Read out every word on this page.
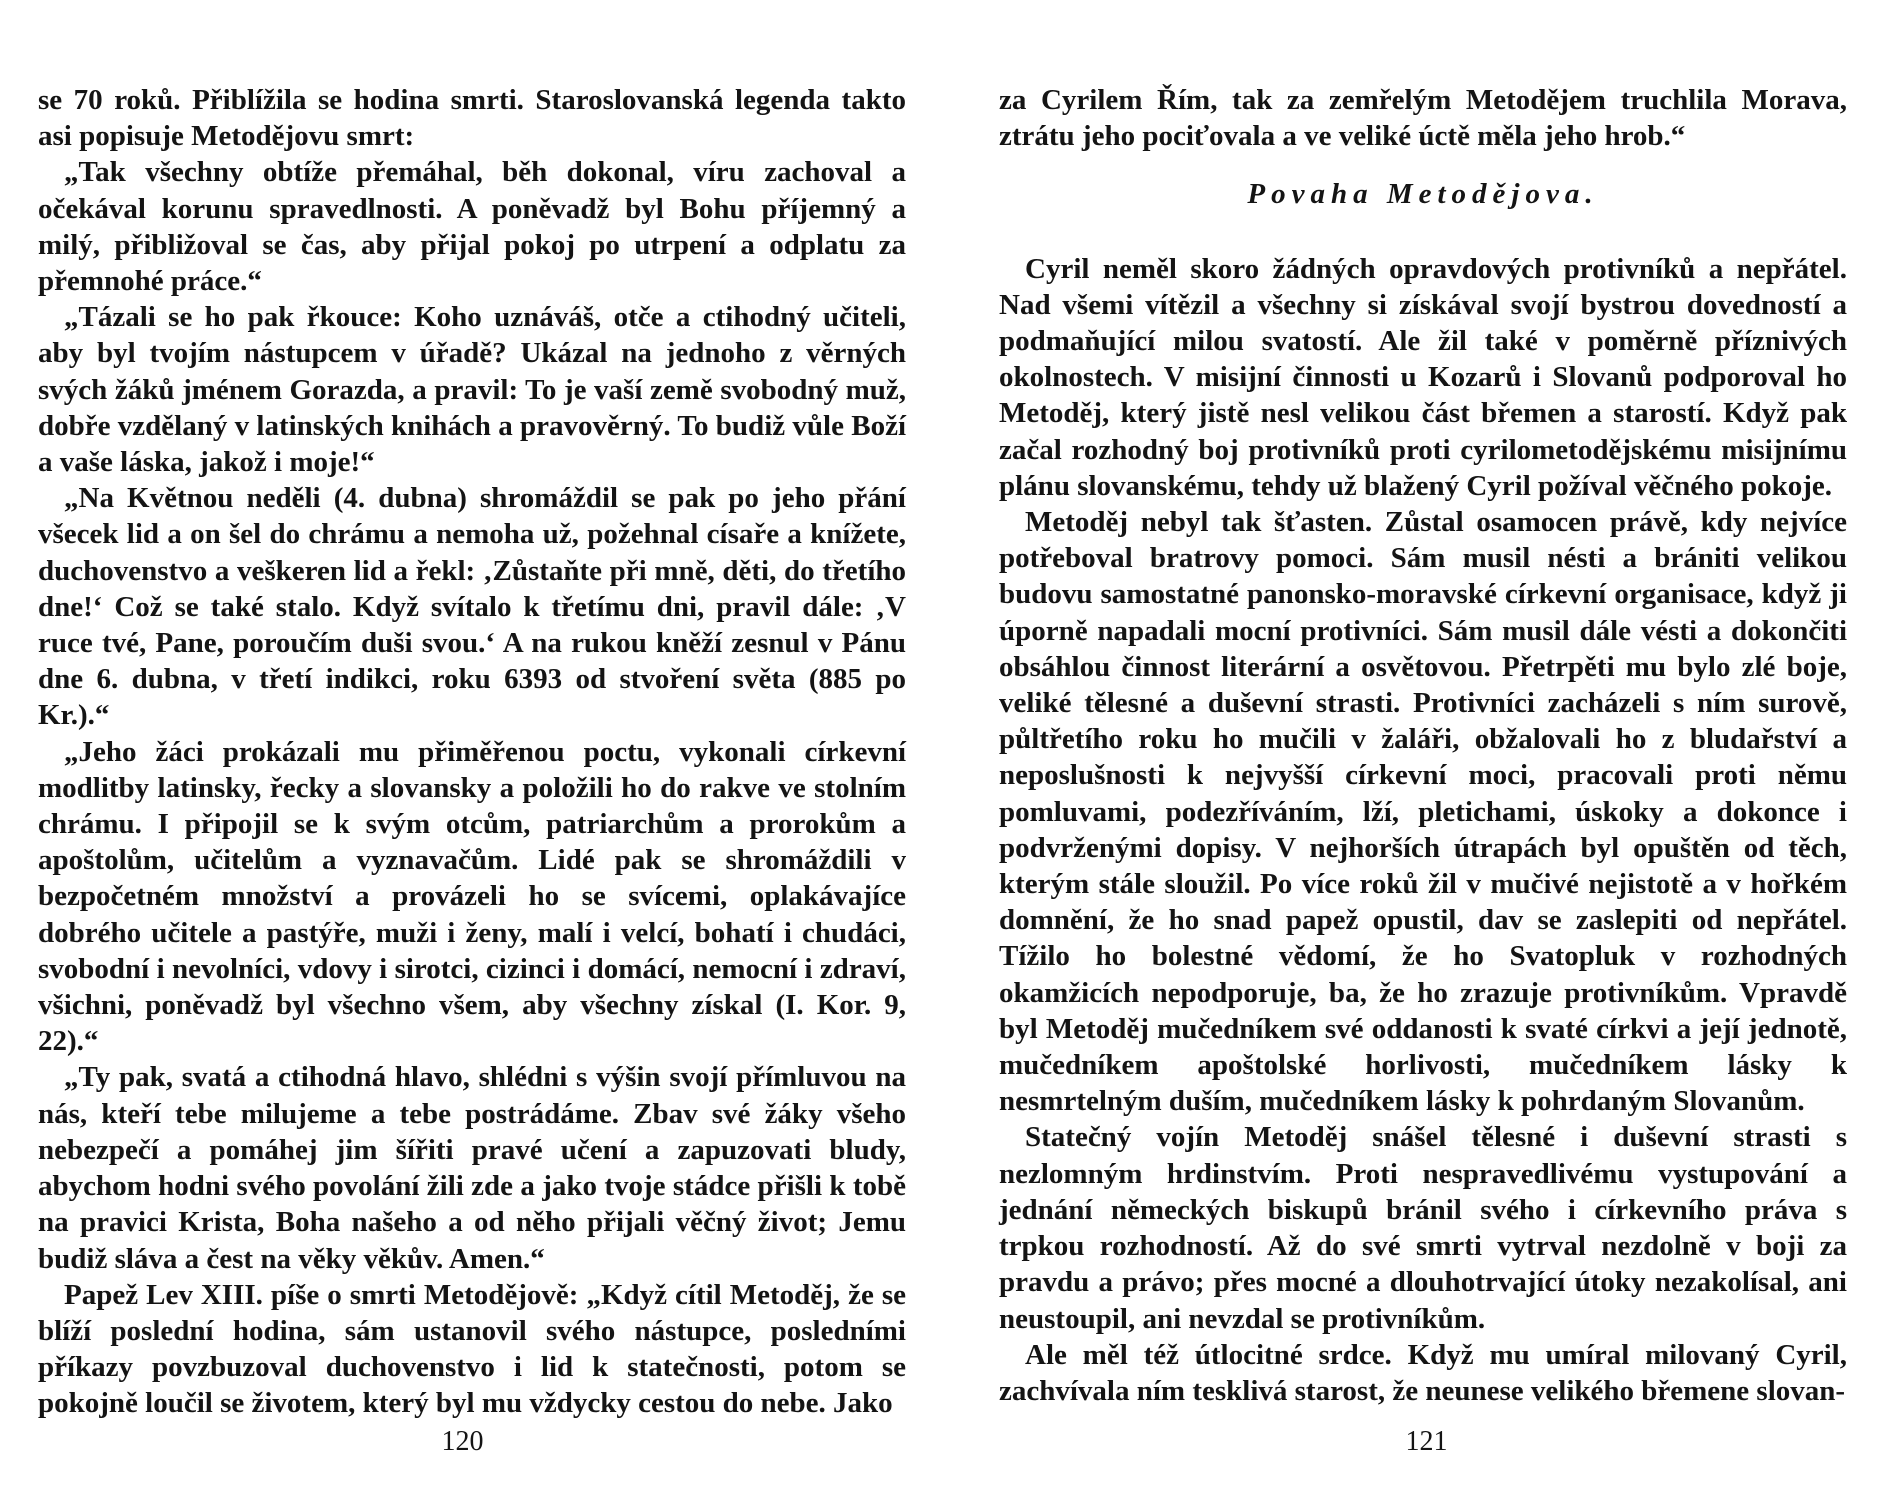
se 70 roků. Přiblížila se hodina smrti. Staroslovanská legenda takto asi popisuje Metodějovu smrt:

„Tak všechny obtíže přemáhal, běh dokonal, víru zachoval a očekával korunu spravedlnosti. A poněvadž byl Bohu příjemný a milý, přibližoval se čas, aby přijal pokoj po utrpení a odplatu za přemnohé práce.“

„Tázali se ho pak řkouce: Koho uznáváš, otče a ctihodný učiteli, aby byl tvojím nástupcem v úřadě? Ukázal na jednoho z věrných svých žáků jménem Gorazda, a pravil: To je vaší země svobodný muž, dobře vzdělaný v latinských knihách a pravověrný. To budiž vůle Boží a vaše láska, jakož i moje!“

„Na Květnou neděli (4. dubna) shromáždil se pak po jeho přání všecek lid a on šel do chrámu a nemoha už, požehnal císaře a knížete, duchovenstvo a veškeren lid a řekl: ‚Zůstaňte při mně, děti, do třetího dne!‘ Což se také stalo. Když svítalo k třetímu dni, pravil dále: ‚V ruce tvé, Pane, poroučím duši svou.‘ A na rukou kněží zesnul v Pánu dne 6. dubna, v třetí indikci, roku 6393 od stvoření světa (885 po Kr.).“

„Jeho žáci prokázali mu přiměřenou poctu, vykonali církevní modlitby latinsky, řecky a slovansky a položili ho do rakve ve stolním chrámu. I připojil se k svým otcům, patriarchům a prorokům a apoštolům, učitelům a vyznavačům. Lidé pak se shromáždili v bezpočetném množství a provázeli ho se svícemi, oplakávajíce dobrého učitele a pastýře, muži i ženy, malí i velcí, bohatí i chudáci, svobodní i nevolníci, vdovy i sirotci, cizinci i domácí, nemocní i zdraví, všichni, poněvadž byl všechno všem, aby všechny získal (I. Kor. 9, 22).“

„Ty pak, svatá a ctihodná hlavo, shlédni s výšin svojí přímluvou na nás, kteří tebe milujeme a tebe postrádáme. Zbav své žáky všeho nebezpečí a pomáhej jim šířiti pravé učení a zapuzovati bludy, abychom hodni svého povolání žili zde a jako tvoje stádce přišli k tobě na pravici Krista, Boha našeho a od něho přijali věčný život; Jemu budiž sláva a čest na věky věkův. Amen.“

Papež Lev XIII. píše o smrti Metodějově: „Když cítil Metoděj, že se blíží poslední hodina, sám ustanovil svého nástupce, posledními příkazy povzbuzoval duchovenstvo i lid k statečnosti, potom se pokojně loučil se životem, který byl mu vždycky cestou do nebe. Jako

120

za Cyrilem Řím, tak za zemřelým Metodějem truchlila Morava, ztrátu jeho pociťovala a ve veliké úctě měla jeho hrob.“

Povaha Metodějova.

Cyril neměl skoro žádných opravdových protivníků a nepřátel. Nad všemi vítězil a všechny si získával svojí bystrou dovedností a podmaňující milou svatostí. Ale žil také v poměrně příznivých okolnostech. V misijní činnosti u Kozarů i Slovanů podporoval ho Metoděj, který jistě nesl velikou část břemen a starostí. Když pak začal rozhodný boj protivníků proti cyrilometodějskému misijnímu plánu slovanskému, tehdy už blažený Cyril požíval věčného pokoje.

Metoděj nebyl tak šťasten. Zůstal osamocen právě, kdy nejvíce potřeboval bratrovy pomoci. Sám musil nésti a brániti velikou budovu samostatné panonsko-moravské církevní organisace, když ji úporně napadali mocní protivníci. Sám musil dále vésti a dokončiti obsáhlou činnost literární a osvětovou. Přetrpěti mu bylo zlé boje, veliké tělesné a duševní strasti. Protivníci zacházeli s ním surově, půltřetího roku ho mučili v žaláři, obžalovali ho z bludařství a neposlušnosti k nejvyšší církevní moci, pracovali proti němu pomluvami, podezříváním, lží, pletichami, úskoky a dokonce i podvrženými dopisy. V nejhorších útrapách byl opuštěn od těch, kterým stále sloužil. Po více roků žil v mučivé nejistotě a v hořkém domnění, že ho snad papež opustil, dav se zaslepiti od nepřátel. Tížilo ho bolestné vědomí, že ho Svatopluk v rozhodných okamžicích nepodporuje, ba, že ho zrazuje protivníkům. Vpravdě byl Metoděj mučedníkem své oddanosti k svaté církvi a její jednotě, mučedníkem apoštolské horlivosti, mučedníkem lásky k nesmrtelným duším, mučedníkem lásky k pohrdaným Slovanům.

Statečný vojín Metoděj snášel tělesné i duševní strasti s nezlomným hrdinstvím. Proti nespravedlivému vystupování a jednání německých biskupů bránil svého i církevního práva s trpkou rozhodností. Až do své smrti vytrval nezdolně v boji za pravdu a právo; přes mocné a dlouhotrvající útoky nezakolísal, ani neustoupil, ani nevzdal se protivníkům.

Ale měl též útlocitné srdce. Když mu umíral milovaný Cyril, zachvívala ním tesklivá starost, že neunese velikého břemene slovan-

121
